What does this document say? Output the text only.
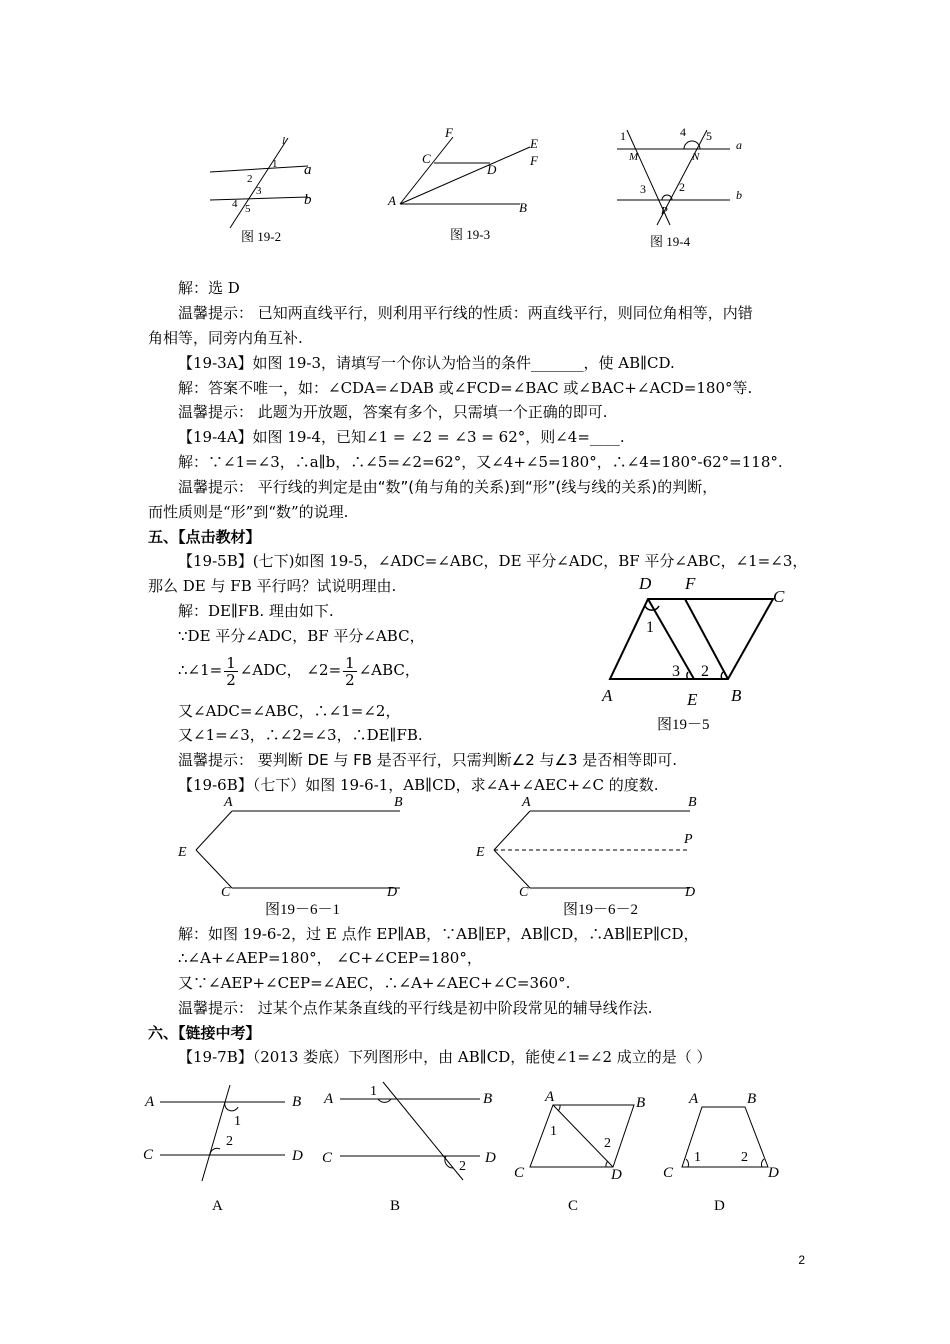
l
1
2
3
4 5
a
b
图 19-2
F
C
E
F
D
A	B
图 19-3
1	4 5
a
M	N
3	2
b
P
图 19-4
解：选 D
温馨提示： 已知两直线平行，则利用平行线的性质：两直线平行，则同位角相等，内错
角相等，同旁内角互补.
【19-3A】如图 19-3，请填写一个你认为恰当的条件_______，使 AB∥CD.
解：答案不唯一，如：∠CDA=∠DAB 或∠FCD=∠BAC 或∠BAC+∠ACD=180°等.
温馨提示： 此题为开放题，答案有多个，只需填一个正确的即可.
【19-4A】如图 19-4，已知∠1 = ∠2 = ∠3 = 62°，则∠4=____.
解：∵∠1=∠3，∴a∥b，∴∠5=∠2=62°，又∠4+∠5=180°，∴∠4=180°-62°=118°.
温馨提示： 平行线的判定是由“数”(角与角的关系)到“形”(线与线的关系)的判断，
而性质则是“形”到“数”的说理.
五、【点击教材】
【19-5B】(七下)如图 19-5，∠ADC=∠ABC，DE 平分∠ADC，BF 平分∠ABC，∠1=∠3，
那么 DE 与 FB 平行吗？试说明理由.
解：DE∥FB. 理由如下.
∵DE 平分∠ADC，BF 平分∠ABC，
∴∠1= $\frac{1}{2}$ ∠ADC， ∠2= $\frac{1}{2}$ ∠ABC，
又∠ADC=∠ABC，∴∠1=∠2，
又∠1=∠3，∴∠2=∠3，∴DE∥FB.
温馨提示： 要判断 DE 与 FB 是否平行，只需判断∠2 与∠3 是否相等即可.
【19-6B】（七下）如图 19-6-1，AB∥CD，求∠A+∠AEC+∠C 的度数.
D F
C
1
3 2
A	E B
图19－5
A	B
E
C	D
图19－6－1
A	B
P
E
C	D
图19－6－2
解：如图 19-6-2，过 E 点作 EP∥AB，∵AB∥EP，AB∥CD，∴AB∥EP∥CD，
∴∠A+∠AEP=180°， ∠C+∠CEP=180°，
又∵∠AEP+∠CEP=∠AEC，∴∠A+∠AEC+∠C=360°.
温馨提示： 过某个点作某条直线的平行线是初中阶段常见的辅导线作法.
六、【链接中考】
【19-7B】（2013 娄底）下列图形中，由 AB∥CD，能使∠1=∠2 成立的是（ ）
A	B
1
2
C	D
A
A	B
1
2
C	D
B
A	B
1
2
C	D
C
A	B
1	2
C	D
D
2
